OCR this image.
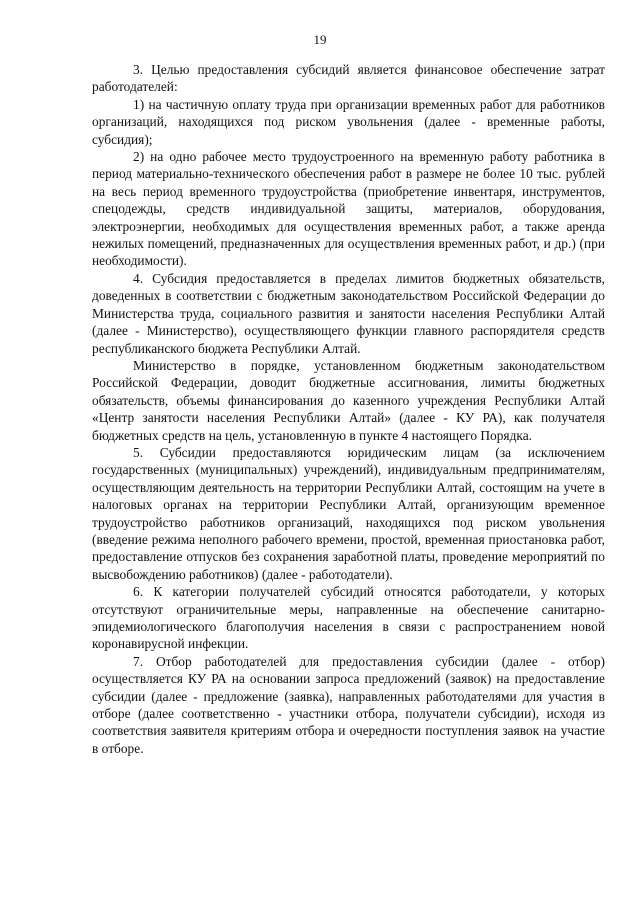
19

3. Целью предоставления субсидий является финансовое обеспечение затрат работодателей:

1) на частичную оплату труда при организации временных работ для работников организаций, находящихся под риском увольнения (далее - временные работы, субсидия);

2) на одно рабочее место трудоустроенного на временную работу работника в период материально-технического обеспечения работ в размере не более 10 тыс. рублей на весь период временного трудоустройства (приобретение инвентаря, инструментов, спецодежды, средств индивидуальной защиты, материалов, оборудования, электроэнергии, необходимых для осуществления временных работ, а также аренда нежилых помещений, предназначенных для осуществления временных работ, и др.) (при необходимости).

4. Субсидия предоставляется в пределах лимитов бюджетных обязательств, доведенных в соответствии с бюджетным законодательством Российской Федерации до Министерства труда, социального развития и занятости населения Республики Алтай (далее - Министерство), осуществляющего функции главного распорядителя средств республиканского бюджета Республики Алтай.

Министерство в порядке, установленном бюджетным законодательством Российской Федерации, доводит бюджетные ассигнования, лимиты бюджетных обязательств, объемы финансирования до казенного учреждения Республики Алтай «Центр занятости населения Республики Алтай» (далее - КУ РА), как получателя бюджетных средств на цель, установленную в пункте 4 настоящего Порядка.

5. Субсидии предоставляются юридическим лицам (за исключением государственных (муниципальных) учреждений), индивидуальным предпринимателям, осуществляющим деятельность на территории Республики Алтай, состоящим на учете в налоговых органах на территории Республики Алтай, организующим временное трудоустройство работников организаций, находящихся под риском увольнения (введение режима неполного рабочего времени, простой, временная приостановка работ, предоставление отпусков без сохранения заработной платы, проведение мероприятий по высвобождению работников) (далее - работодатели).

6. К категории получателей субсидий относятся работодатели, у которых отсутствуют ограничительные меры, направленные на обеспечение санитарно-эпидемиологического благополучия населения в связи с распространением новой коронавирусной инфекции.

7. Отбор работодателей для предоставления субсидии (далее - отбор) осуществляется КУ РА на основании запроса предложений (заявок) на предоставление субсидии (далее - предложение (заявка), направленных работодателями для участия в отборе (далее соответственно - участники отбора, получатели субсидии), исходя из соответствия заявителя критериям отбора и очередности поступления заявок на участие в отборе.
